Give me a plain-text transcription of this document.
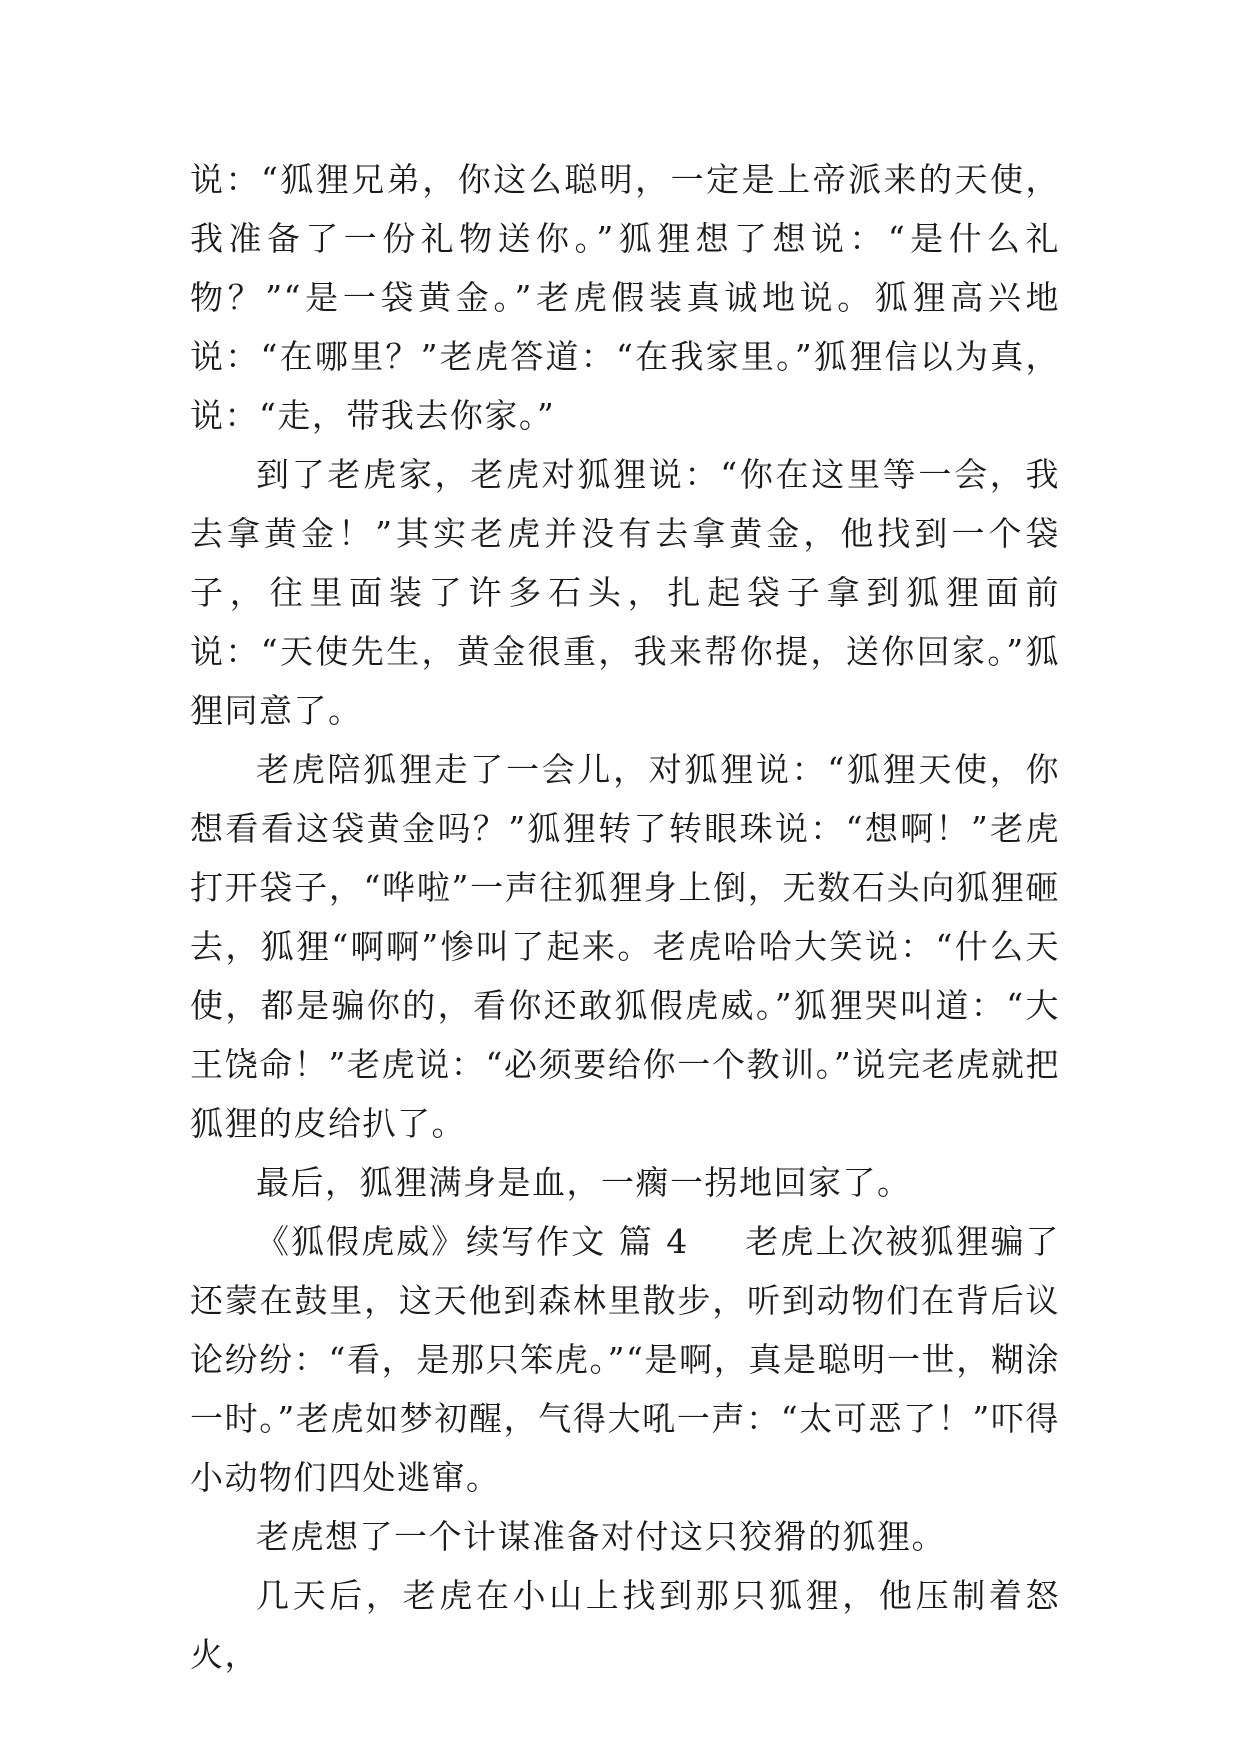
说：“狐狸兄弟，你这么聪明，一定是上帝派来的天使，我准备了一份礼物送你。”狐狸想了想说：“是什么礼物？”“是一袋黄金。”老虎假装真诚地说。狐狸高兴地说：“在哪里？”老虎答道：“在我家里。”狐狸信以为真，说：“走，带我去你家。”

到了老虎家，老虎对狐狸说：“你在这里等一会，我去拿黄金！”其实老虎并没有去拿黄金，他找到一个袋子，往里面装了许多石头，扎起袋子拿到狐狸面前说：“天使先生，黄金很重，我来帮你提，送你回家。”狐狸同意了。

老虎陪狐狸走了一会儿，对狐狸说：“狐狸天使，你想看看这袋黄金吗？”狐狸转了转眼珠说：“想啊！”老虎打开袋子，“哗啦”一声往狐狸身上倒，无数石头向狐狸砸去，狐狸“啊啊”惨叫了起来。老虎哈哈大笑说：“什么天使，都是骗你的，看你还敢狐假虎威。”狐狸哭叫道：“大王饶命！”老虎说：“必须要给你一个教训。”说完老虎就把狐狸的皮给扒了。

最后，狐狸满身是血，一瘸一拐地回家了。

《狐假虎威》续写作文 篇 4 老虎上次被狐狸骗了还蒙在鼓里，这天他到森林里散步，听到动物们在背后议论纷纷：“看，是那只笨虎。”“是啊，真是聪明一世，糊涂一时。”老虎如梦初醒，气得大吼一声：“太可恶了！”吓得小动物们四处逃窜。

老虎想了一个计谋准备对付这只狡猾的狐狸。

几天后，老虎在小山上找到那只狐狸，他压制着怒火，
